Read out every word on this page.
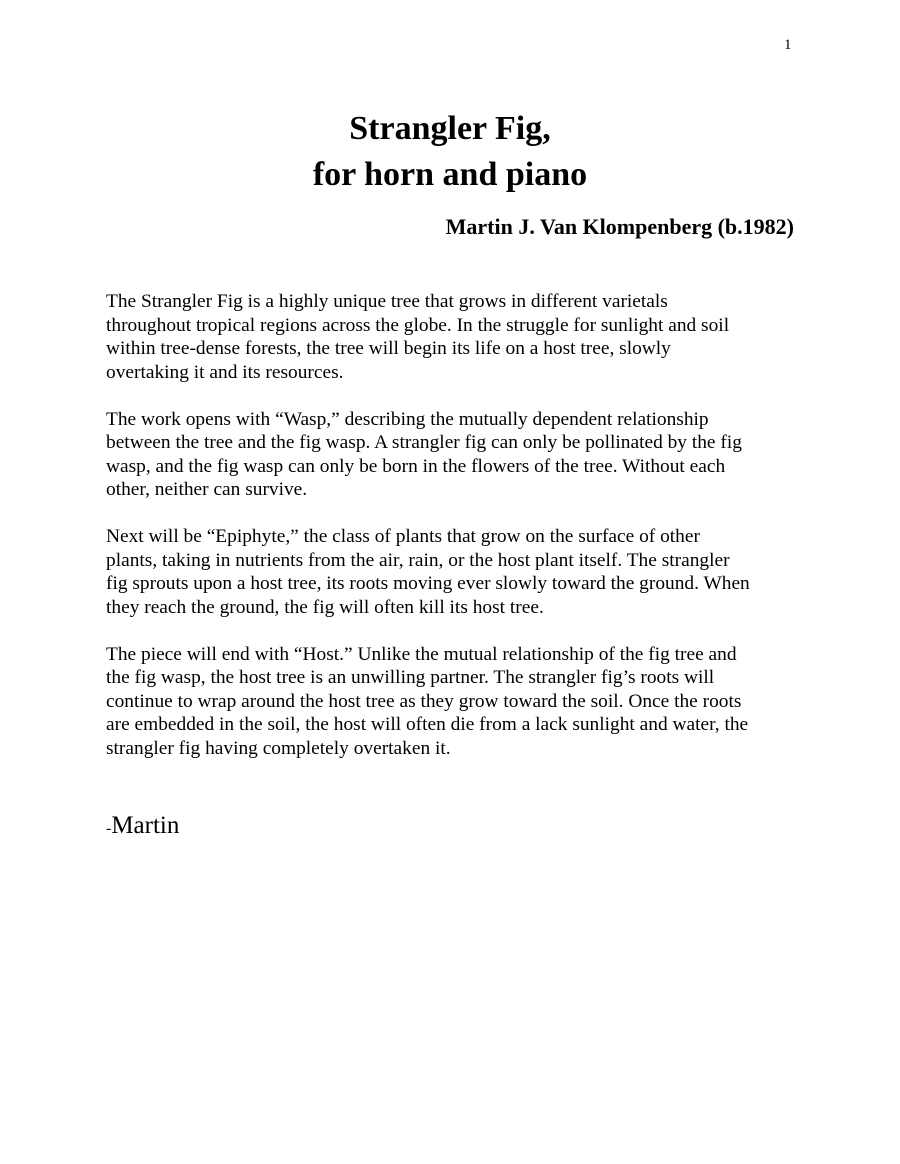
1
Strangler Fig,
for horn and piano
Martin J. Van Klompenberg (b.1982)

The Strangler Fig is a highly unique tree that grows in different varietals
throughout tropical regions across the globe. In the struggle for sunlight and soil
within tree-dense forests, the tree will begin its life on a host tree, slowly
overtaking it and its resources.

The work opens with “Wasp,” describing the mutually dependent relationship
between the tree and the fig wasp. A strangler fig can only be pollinated by the fig
wasp, and the fig wasp can only be born in the flowers of the tree. Without each
other, neither can survive.

Next will be “Epiphyte,” the class of plants that grow on the surface of other
plants, taking in nutrients from the air, rain, or the host plant itself. The strangler
fig sprouts upon a host tree, its roots moving ever slowly toward the ground. When
they reach the ground, the fig will often kill its host tree.

The piece will end with “Host.” Unlike the mutual relationship of the fig tree and
the fig wasp, the host tree is an unwilling partner. The strangler fig’s roots will
continue to wrap around the host tree as they grow toward the soil. Once the roots
are embedded in the soil, the host will often die from a lack sunlight and water, the
strangler fig having completely overtaken it.

-Martin
